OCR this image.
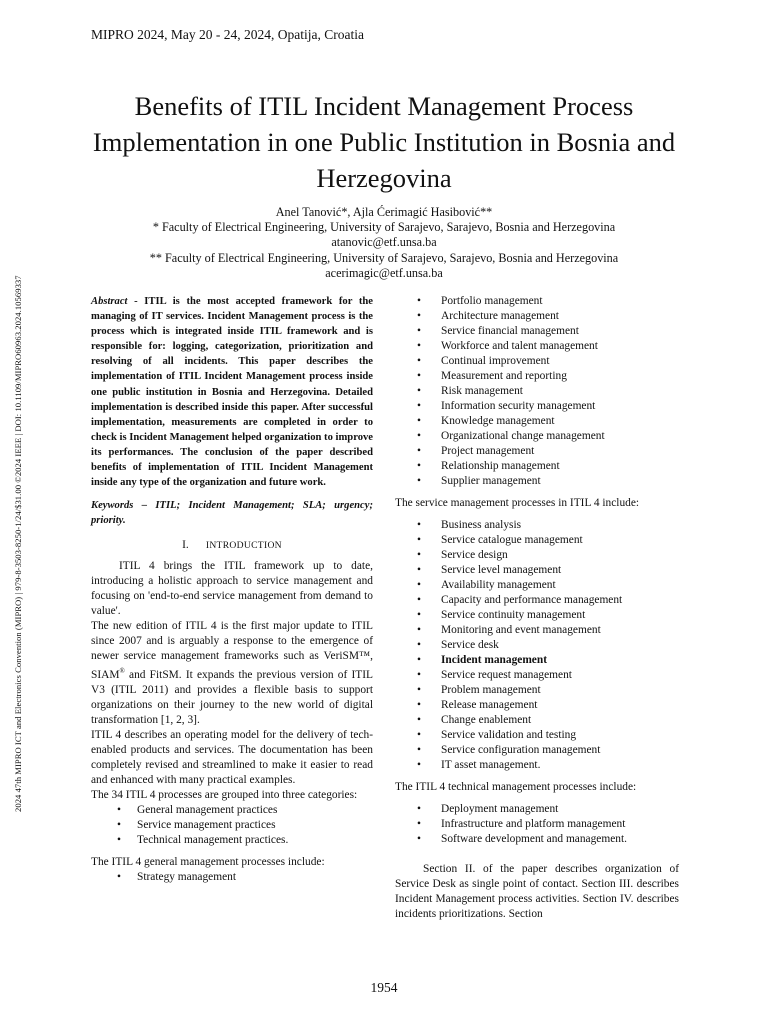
MIPRO 2024, May 20 - 24, 2024, Opatija, Croatia
2024 47th MIPRO ICT and Electronics Convention (MIPRO) | 979-8-3503-8250-1/24/$31.00 ©2024 IEEE | DOI: 10.1109/MIPRO60963.2024.10569337
Benefits of ITIL Incident Management Process Implementation in one Public Institution in Bosnia and Herzegovina
Anel Tanović*, Ajla Ćerimagić Hasibović**
* Faculty of Electrical Engineering, University of Sarajevo, Sarajevo, Bosnia and Herzegovina
atanovic@etf.unsa.ba
** Faculty of Electrical Engineering, University of Sarajevo, Sarajevo, Bosnia and Herzegovina
acerimagic@etf.unsa.ba

Abstract - ITIL is the most accepted framework for the managing of IT services. Incident Management process is the process which is integrated inside ITIL framework and is responsible for: logging, categorization, prioritization and resolving of all incidents. This paper describes the implementation of ITIL Incident Management process inside one public institution in Bosnia and Herzegovina. Detailed implementation is described inside this paper. After successful implementation, measurements are completed in order to check is Incident Management helped organization to improve its performances. The conclusion of the paper described benefits of implementation of ITIL Incident Management inside any type of the organization and future work.

Keywords – ITIL; Incident Management; SLA; urgency; priority.

I. INTRODUCTION

ITIL 4 brings the ITIL framework up to date, introducing a holistic approach to service management and focusing on 'end-to-end service management from demand to value'.

The new edition of ITIL 4 is the first major update to ITIL since 2007 and is arguably a response to the emergence of newer service management frameworks such as VeriSM™, SIAM® and FitSM. It expands the previous version of ITIL V3 (ITIL 2011) and provides a flexible basis to support organizations on their journey to the new world of digital transformation [1, 2, 3].

ITIL 4 describes an operating model for the delivery of tech-enabled products and services. The documentation has been completely revised and streamlined to make it easier to read and enhanced with many practical examples.

The 34 ITIL 4 processes are grouped into three categories:

• General management practices
• Service management practices
• Technical management practices.

The ITIL 4 general management processes include:

• Strategy management
• Portfolio management
• Architecture management
• Service financial management
• Workforce and talent management
• Continual improvement
• Measurement and reporting
• Risk management
• Information security management
• Knowledge management
• Organizational change management
• Project management
• Relationship management
• Supplier management

The service management processes in ITIL 4 include:

• Business analysis
• Service catalogue management
• Service design
• Service level management
• Availability management
• Capacity and performance management
• Service continuity management
• Monitoring and event management
• Service desk
• Incident management
• Service request management
• Problem management
• Release management
• Change enablement
• Service validation and testing
• Service configuration management
• IT asset management.

The ITIL 4 technical management processes include:

• Deployment management
• Infrastructure and platform management
• Software development and management.

Section II. of the paper describes organization of Service Desk as single point of contact. Section III. describes Incident Management process activities. Section IV. describes incidents prioritizations. Section

1954
